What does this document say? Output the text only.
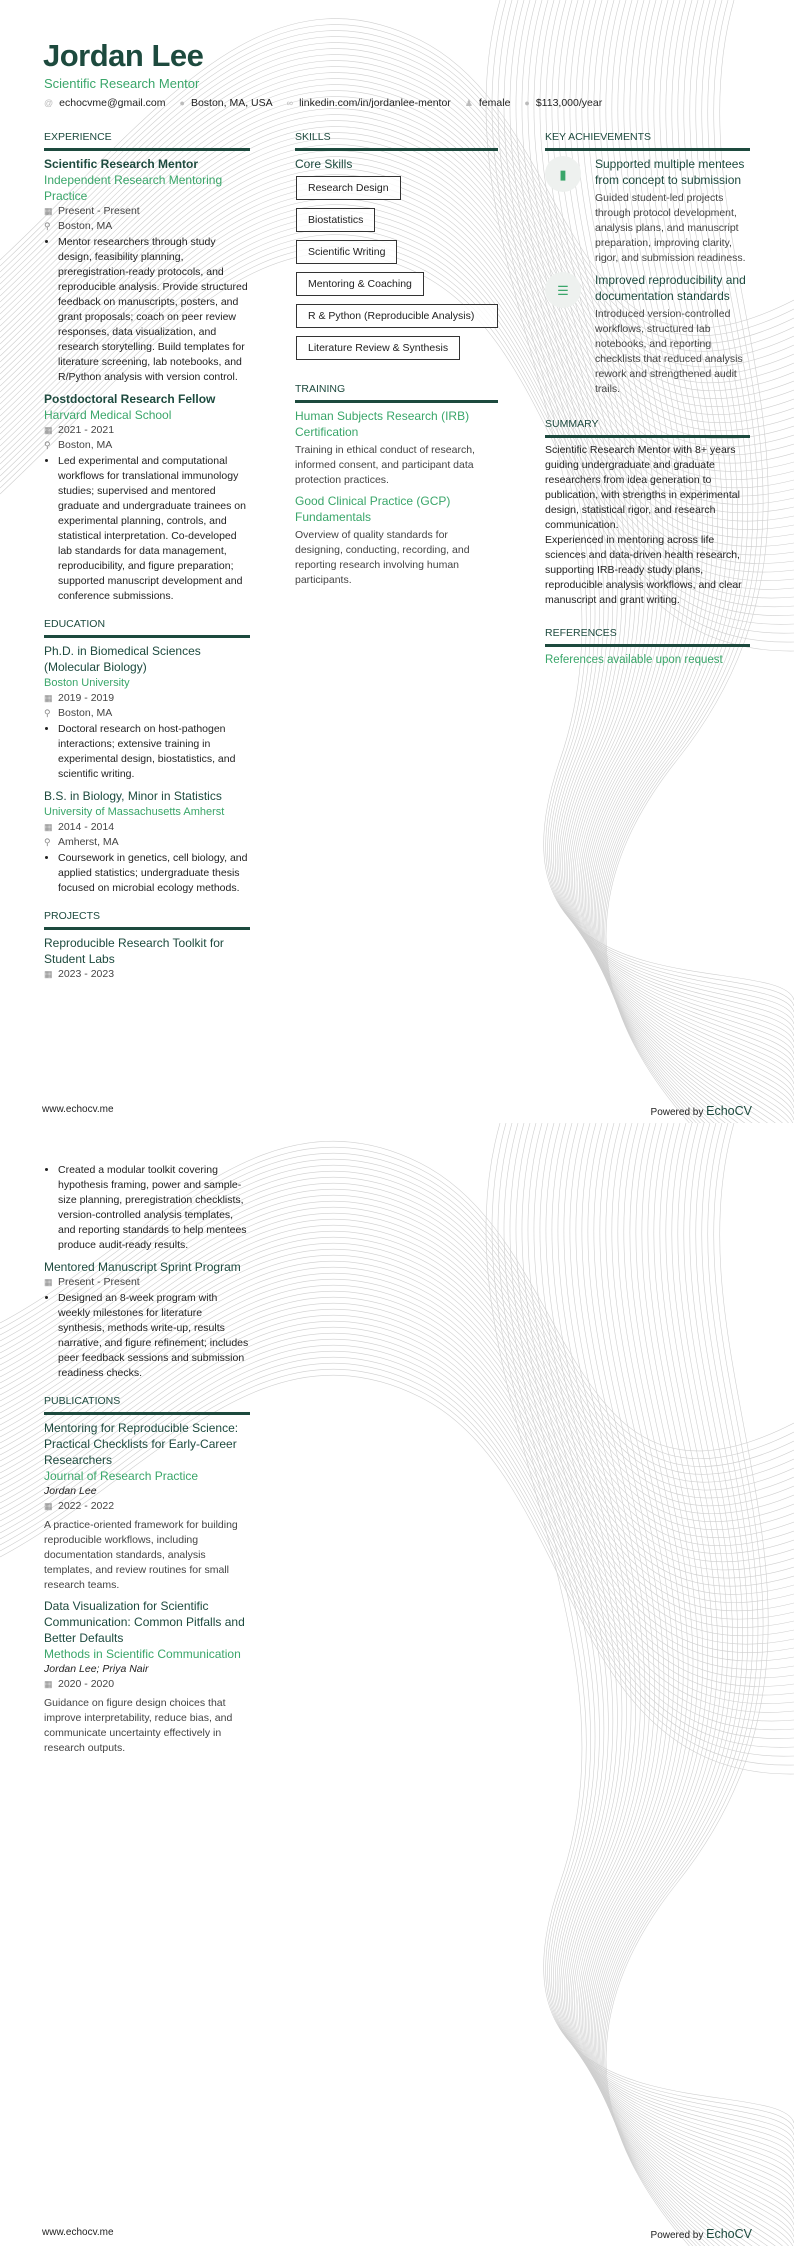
Jordan Lee
Scientific Research Mentor
@ echocvme@gmail.com ● Boston, MA, USA ∞ linkedin.com/in/jordanlee-mentor ♟ female ● $113,000/year
EXPERIENCE
Scientific Research Mentor
Independent Research Mentoring Practice
▦ Present - Present
⚲ Boston, MA
• Mentor researchers through study design, feasibility planning, preregistration-ready protocols, and reproducible analysis. Provide structured feedback on manuscripts, posters, and grant proposals; coach on peer review responses, data visualization, and research storytelling. Build templates for literature screening, lab notebooks, and R/Python analysis with version control.
Postdoctoral Research Fellow
Harvard Medical School
▦ 2021 - 2021
⚲ Boston, MA
• Led experimental and computational workflows for translational immunology studies; supervised and mentored graduate and undergraduate trainees on experimental planning, controls, and statistical interpretation. Co-developed lab standards for data management, reproducibility, and figure preparation; supported manuscript development and conference submissions.
EDUCATION
Ph.D. in Biomedical Sciences (Molecular Biology)
Boston University
▦ 2019 - 2019
⚲ Boston, MA
• Doctoral research on host-pathogen interactions; extensive training in experimental design, biostatistics, and scientific writing.
B.S. in Biology, Minor in Statistics
University of Massachusetts Amherst
▦ 2014 - 2014
⚲ Amherst, MA
• Coursework in genetics, cell biology, and applied statistics; undergraduate thesis focused on microbial ecology methods.
PROJECTS
Reproducible Research Toolkit for Student Labs
▦ 2023 - 2023
SKILLS
Core Skills
Research Design
Biostatistics
Scientific Writing
Mentoring & Coaching
R & Python (Reproducible Analysis)
Literature Review & Synthesis
TRAINING
Human Subjects Research (IRB) Certification
Training in ethical conduct of research, informed consent, and participant data protection practices.
Good Clinical Practice (GCP) Fundamentals
Overview of quality standards for designing, conducting, recording, and reporting research involving human participants.
KEY ACHIEVEMENTS
▮
Supported multiple mentees from concept to submission
Guided student-led projects through protocol development, analysis plans, and manuscript preparation, improving clarity, rigor, and submission readiness.
☰
Improved reproducibility and documentation standards
Introduced version-controlled workflows, structured lab notebooks, and reporting checklists that reduced analysis rework and strengthened audit trails.
SUMMARY
Scientific Research Mentor with 8+ years guiding undergraduate and graduate researchers from idea generation to publication, with strengths in experimental design, statistical rigor, and research communication.
Experienced in mentoring across life sciences and data-driven health research, supporting IRB-ready study plans, reproducible analysis workflows, and clear manuscript and grant writing.
REFERENCES
References available upon request
www.echocv.me	Powered by EchoCV
• Created a modular toolkit covering hypothesis framing, power and sample-size planning, preregistration checklists, version-controlled analysis templates, and reporting standards to help mentees produce audit-ready results.
Mentored Manuscript Sprint Program
▦ Present - Present
• Designed an 8-week program with weekly milestones for literature synthesis, methods write-up, results narrative, and figure refinement; includes peer feedback sessions and submission readiness checks.
PUBLICATIONS
Mentoring for Reproducible Science: Practical Checklists for Early-Career Researchers
Journal of Research Practice
Jordan Lee
▦ 2022 - 2022
A practice-oriented framework for building reproducible workflows, including documentation standards, analysis templates, and review routines for small research teams.
Data Visualization for Scientific Communication: Common Pitfalls and Better Defaults
Methods in Scientific Communication
Jordan Lee; Priya Nair
▦ 2020 - 2020
Guidance on figure design choices that improve interpretability, reduce bias, and communicate uncertainty effectively in research outputs.
www.echocv.me	Powered by EchoCV
